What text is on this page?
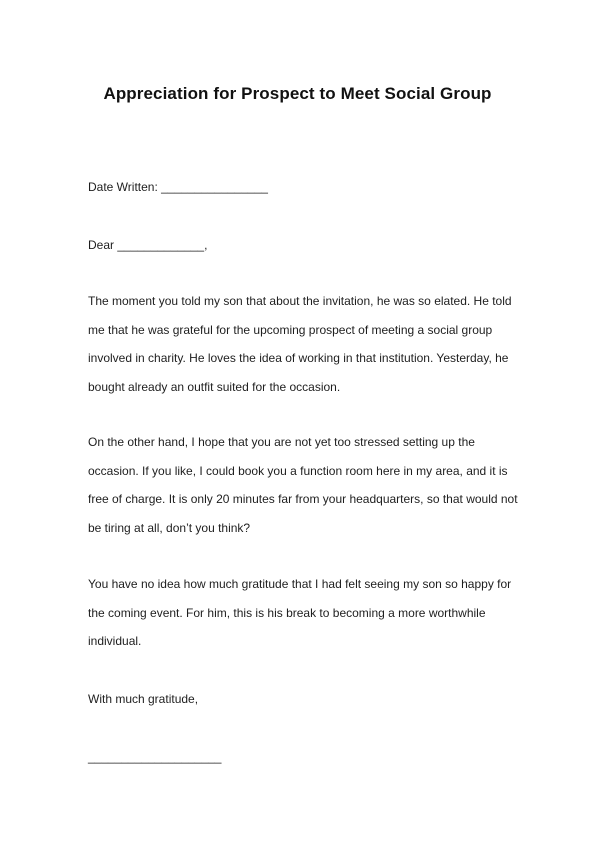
Appreciation for Prospect to Meet Social Group
Date Written: ________________
Dear _____________,
The moment you told my son that about the invitation, he was so elated. He told
me that he was grateful for the upcoming prospect of meeting a social group
involved in charity. He loves the idea of working in that institution. Yesterday, he
bought already an outfit suited for the occasion.
On the other hand, I hope that you are not yet too stressed setting up the
occasion. If you like, I could book you a function room here in my area, and it is
free of charge. It is only 20 minutes far from your headquarters, so that would not
be tiring at all, don’t you think?
You have no idea how much gratitude that I had felt seeing my son so happy for
the coming event. For him, this is his break to becoming a more worthwhile
individual.
With much gratitude,
____________________
